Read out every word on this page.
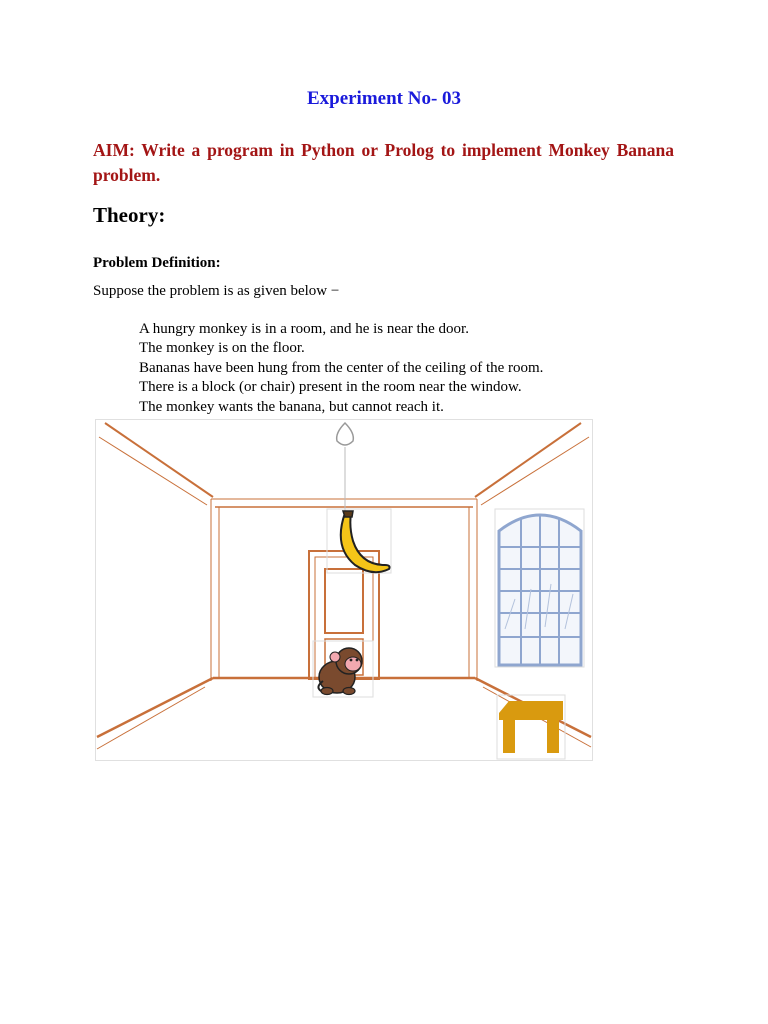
Experiment No- 03
AIM: Write a program in Python or Prolog to implement Monkey Banana problem.
Theory:
Problem Definition:
Suppose the problem is as given below −
A hungry monkey is in a room, and he is near the door.
The monkey is on the floor.
Bananas have been hung from the center of the ceiling of the room.
There is a block (or chair) present in the room near the window.
The monkey wants the banana, but cannot reach it.
